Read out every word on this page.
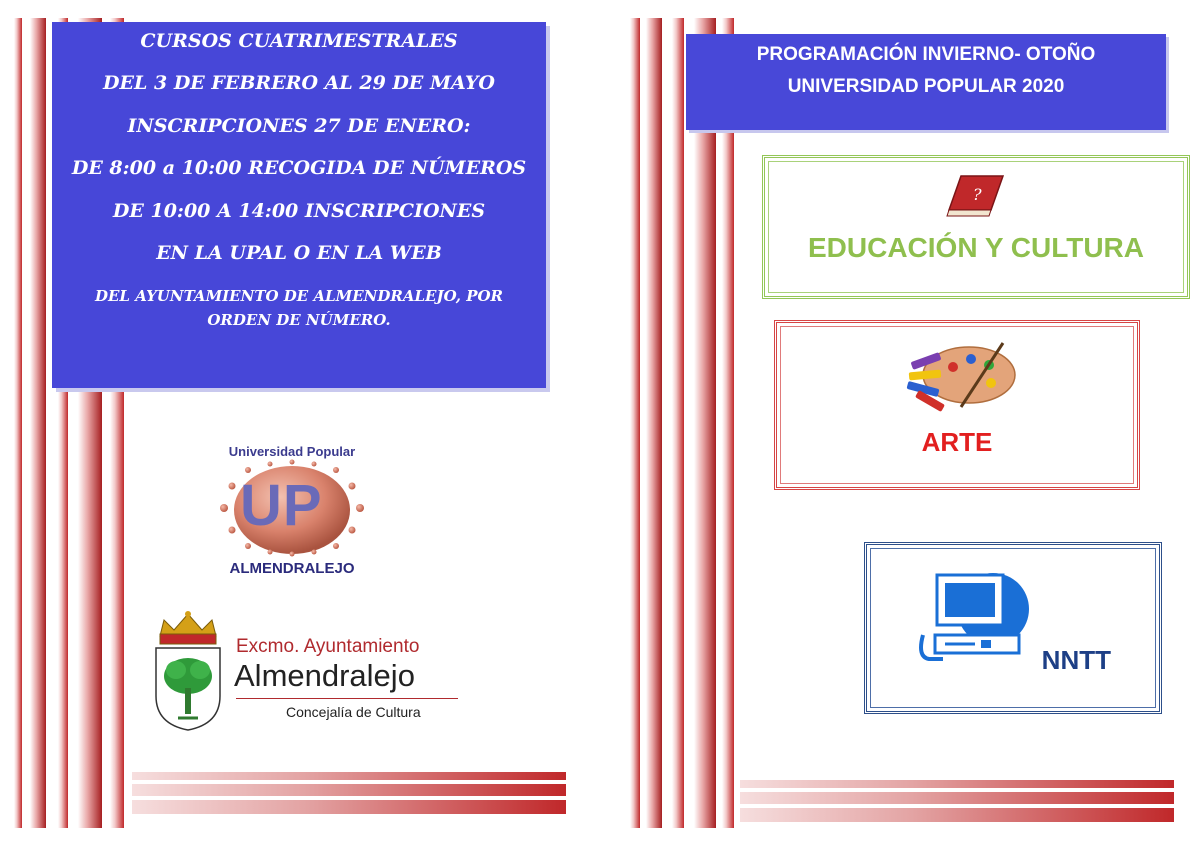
CURSOS CUATRIMESTRALES
DEL 3 DE FEBRERO AL 29 DE MAYO
INSCRIPCIONES 27 DE ENERO:
DE 8:00 a 10:00 RECOGIDA DE NÚMEROS
DE 10:00 A 14:00 INSCRIPCIONES
EN LA UPAL O EN LA WEB
DEL AYUNTAMIENTO DE ALMENDRALEJO, POR ORDEN DE NÚMERO.
Universidad Popular
UP
ALMENDRALEJO
Excmo. Ayuntamiento
Almendralejo
Concejalía de Cultura
PROGRAMACIÓN INVIERNO- OTOÑO
UNIVERSIDAD POPULAR 2020
?
EDUCACIÓN Y CULTURA
ARTE
NNTT
